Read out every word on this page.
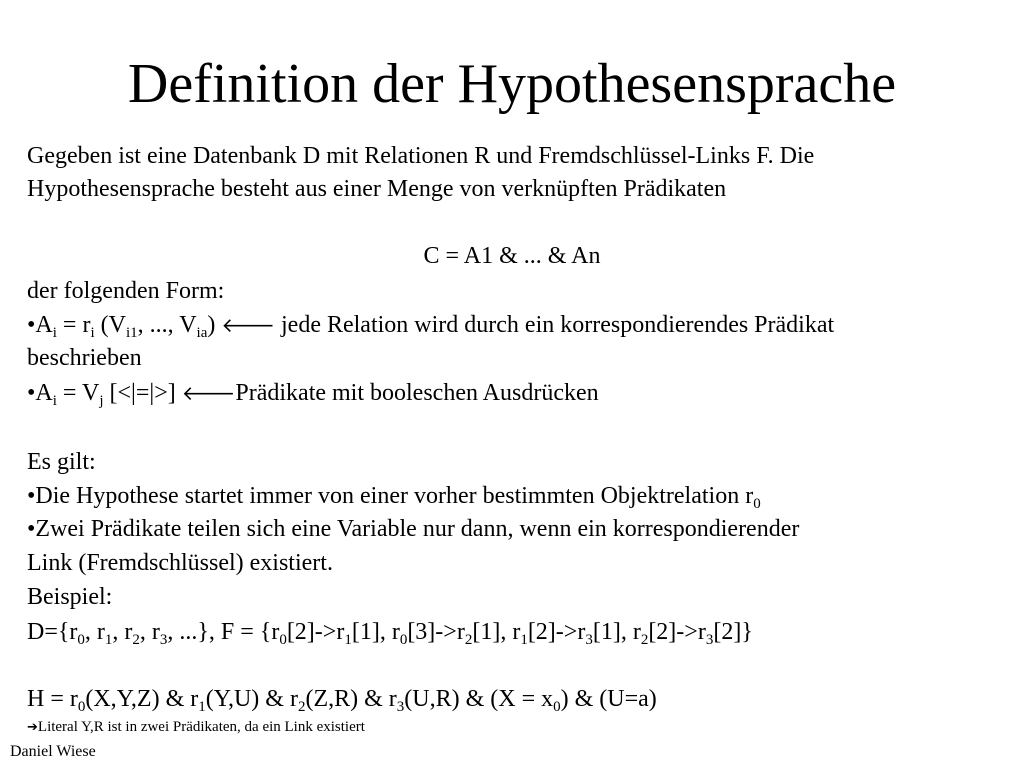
Definition der Hypothesensprache
Gegeben ist eine Datenbank D mit Relationen R und Fremdschlüssel-Links F. Die
Hypothesensprache besteht aus einer Menge von verknüpften Prädikaten
C = A1 & ... & An
der folgenden Form:
$•A_i = r_i$ ($V_{i1}$, ..., $V_{ia}$) 🡐 jede Relation wird durch ein korrespondierendes Prädikat
beschrieben
$•A_i = V_j$ [<|=|>] 🡐Prädikate mit booleschen Ausdrücken
Es gilt:
•Die Hypothese startet immer von einer vorher bestimmten Objektrelation $r_0$
•Zwei Prädikate teilen sich eine Variable nur dann, wenn ein korrespondierender
Link (Fremdschlüssel) existiert.
Beispiel:
$D=\{r_0$, $r_1$, $r_2$, $r_3$, ...}, $F = \{r_0[2]->r_1[1]$, $r_0[3]->r_2[1]$, $r_1[2]->r_3[1]$, $r_2[2]->r_3[2]$}
$H = r_0(X,Y,Z)$ & $r_1(Y,U)$ & $r_2(Z,R)$ & $r_3(U,R)$ & $(X = x_0)$ & (U=a)
➔Literal Y,R ist in zwei Prädikaten, da ein Link existiert
Daniel Wiese
